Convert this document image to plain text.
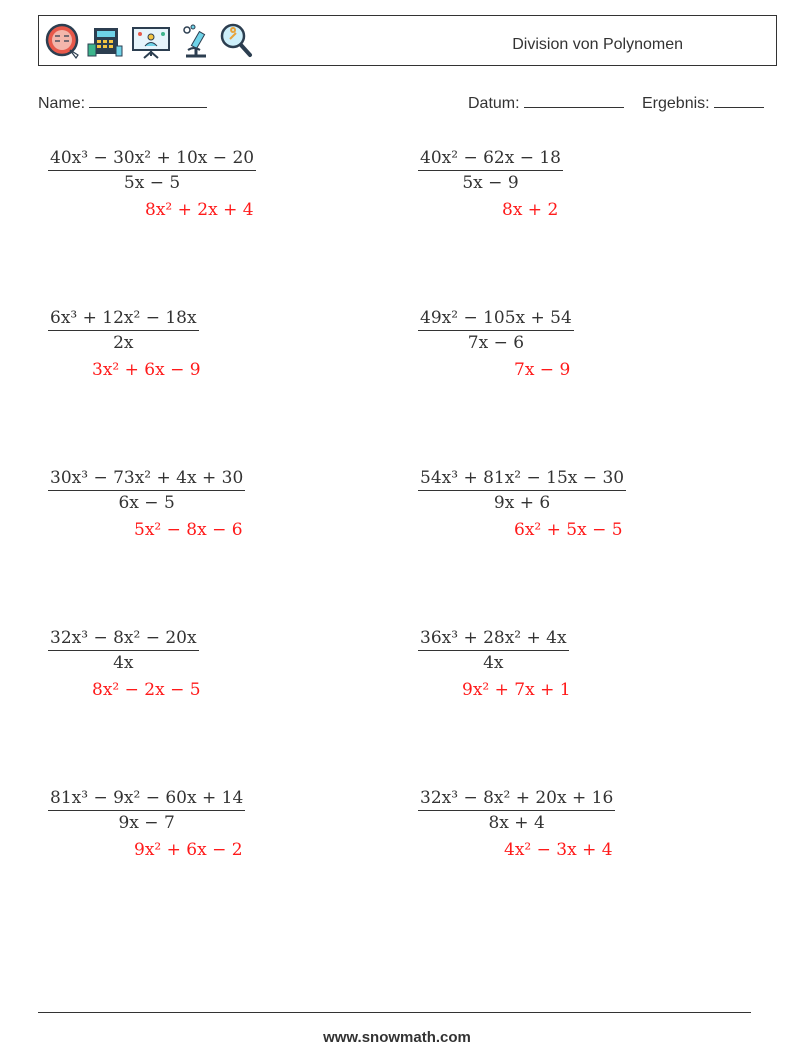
Division von Polynomen
Name:	Datum:	Ergebnis:
$\frac{\text{40x³ − 30x² + 10x − 20}}{5x - 5}$
8x² + 2x + 4
$\frac{\text{40x² − 62x − 18}}{5x - 9}$
8x + 2
$\frac{\text{6x³ + 12x² − 18x}}{2x}$
3x² + 6x − 9
$\frac{\text{49x² − 105x + 54}}{7x - 6}$
7x − 9
$\frac{\text{30x³ − 73x² + 4x + 30}}{6x - 5}$
5x² − 8x − 6
$\frac{\text{54x³ + 81x² − 15x − 30}}{9x + 6}$
6x² + 5x − 5
$\frac{\text{32x³ − 8x² − 20x}}{4x}$
8x² − 2x − 5
$\frac{\text{36x³ + 28x² + 4x}}{4x}$
9x² + 7x + 1
$\frac{\text{81x³ − 9x² − 60x + 14}}{9x - 7}$
9x² + 6x − 2
$\frac{\text{32x³ − 8x² + 20x + 16}}{8x + 4}$
4x² − 3x + 4
www.snowmath.com
